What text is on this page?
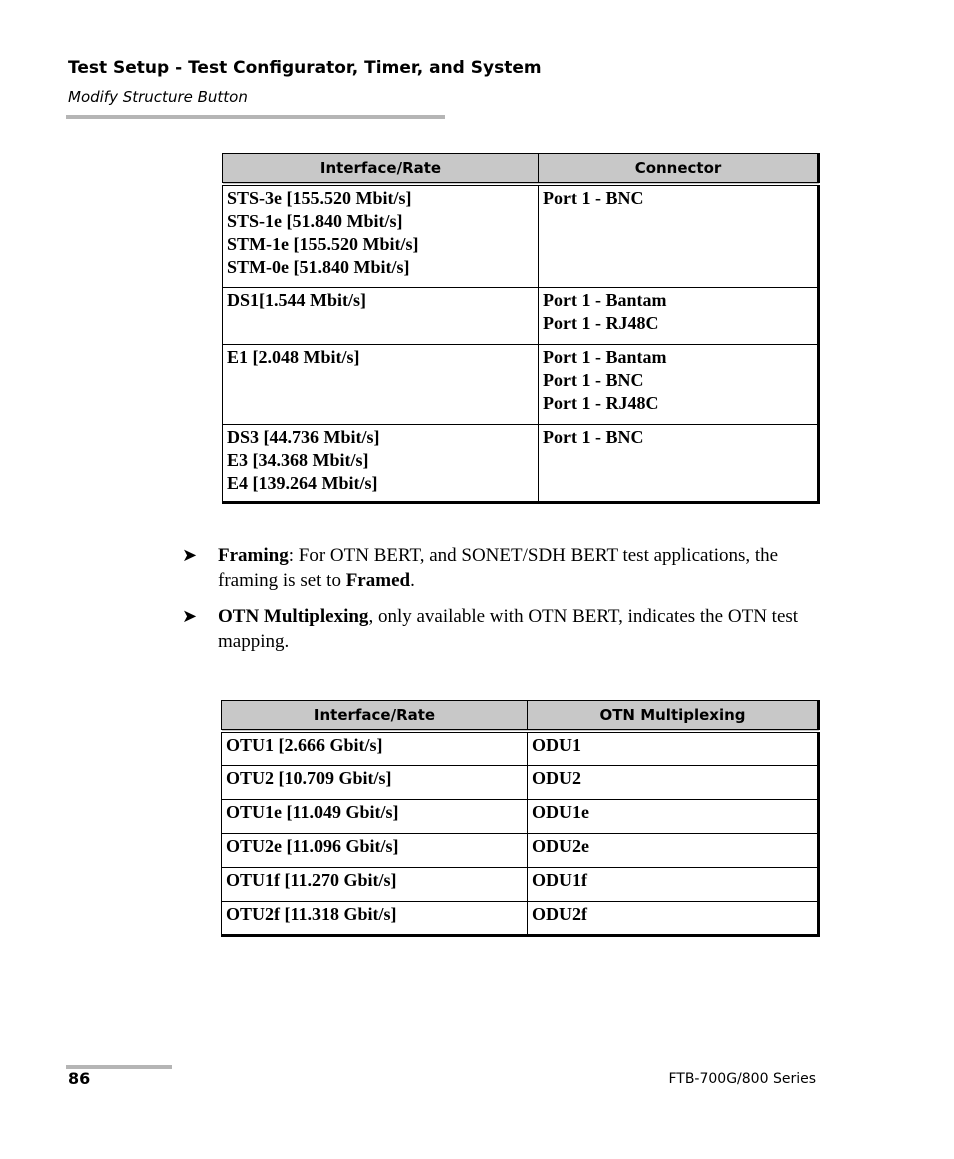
Test Setup - Test Configurator, Timer, and System
Modify Structure Button
Interface/Rate	Connector

STS-3e [155.520 Mbit/s]
STS-1e [51.840 Mbit/s]
STM-1e [155.520 Mbit/s]
STM-0e [51.840 Mbit/s]	Port 1 - BNC

DS1[1.544 Mbit/s]	Port 1 - Bantam
Port 1 - RJ48C

E1 [2.048 Mbit/s]	Port 1 - Bantam
Port 1 - BNC
Port 1 - RJ48C

DS3 [44.736 Mbit/s]
E3 [34.368 Mbit/s]
E4 [139.264 Mbit/s]	Port 1 - BNC
➤ Framing: For OTN BERT, and SONET/SDH BERT test applications, the framing is set to Framed.
➤ OTN Multiplexing, only available with OTN BERT, indicates the OTN test mapping.
Interface/Rate	OTN Multiplexing
OTU1 [2.666 Gbit/s]	ODU1
OTU2 [10.709 Gbit/s]	ODU2
OTU1e [11.049 Gbit/s]	ODU1e
OTU2e [11.096 Gbit/s]	ODU2e
OTU1f [11.270 Gbit/s]	ODU1f
OTU2f [11.318 Gbit/s]	ODU2f
86	FTB-700G/800 Series
